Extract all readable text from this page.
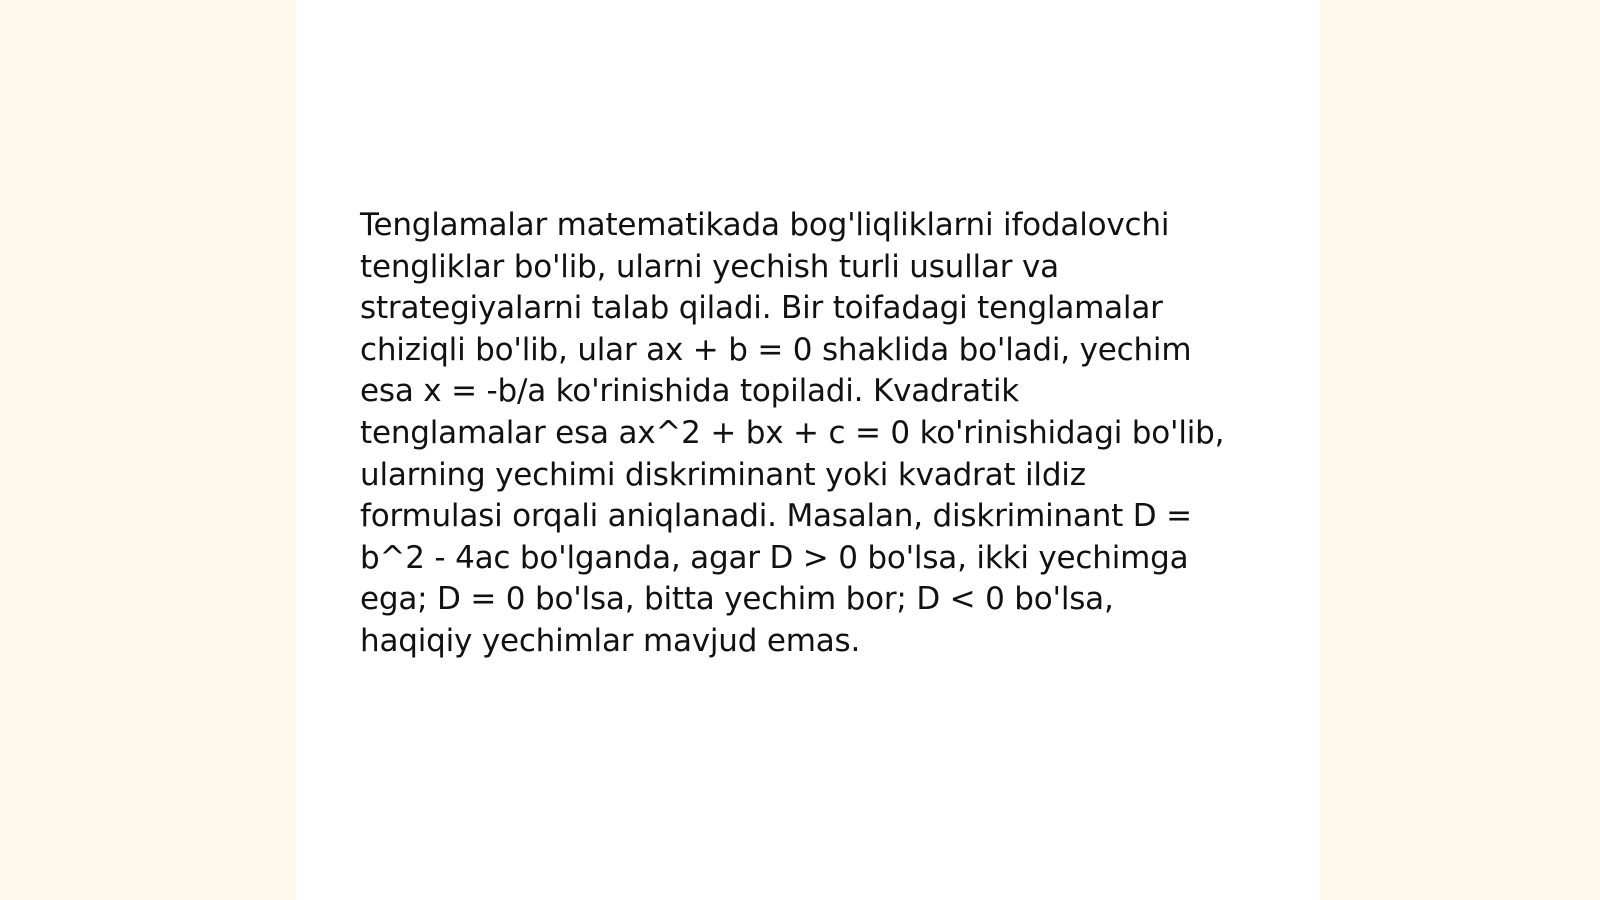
Tenglamalar matematikada bog'liqliklarni ifodalovchi
tengliklar bo'lib, ularni yechish turli usullar va
strategiyalarni talab qiladi. Bir toifadagi tenglamalar
chiziqli bo'lib, ular ax + b = 0 shaklida bo'ladi, yechim
esa x = -b/a ko'rinishida topiladi. Kvadratik
tenglamalar esa ax^2 + bx + c = 0 ko'rinishidagi bo'lib,
ularning yechimi diskriminant yoki kvadrat ildiz
formulasi orqali aniqlanadi. Masalan, diskriminant D =
b^2 - 4ac bo'lganda, agar D > 0 bo'lsa, ikki yechimga
ega; D = 0 bo'lsa, bitta yechim bor; D < 0 bo'lsa,
haqiqiy yechimlar mavjud emas.
